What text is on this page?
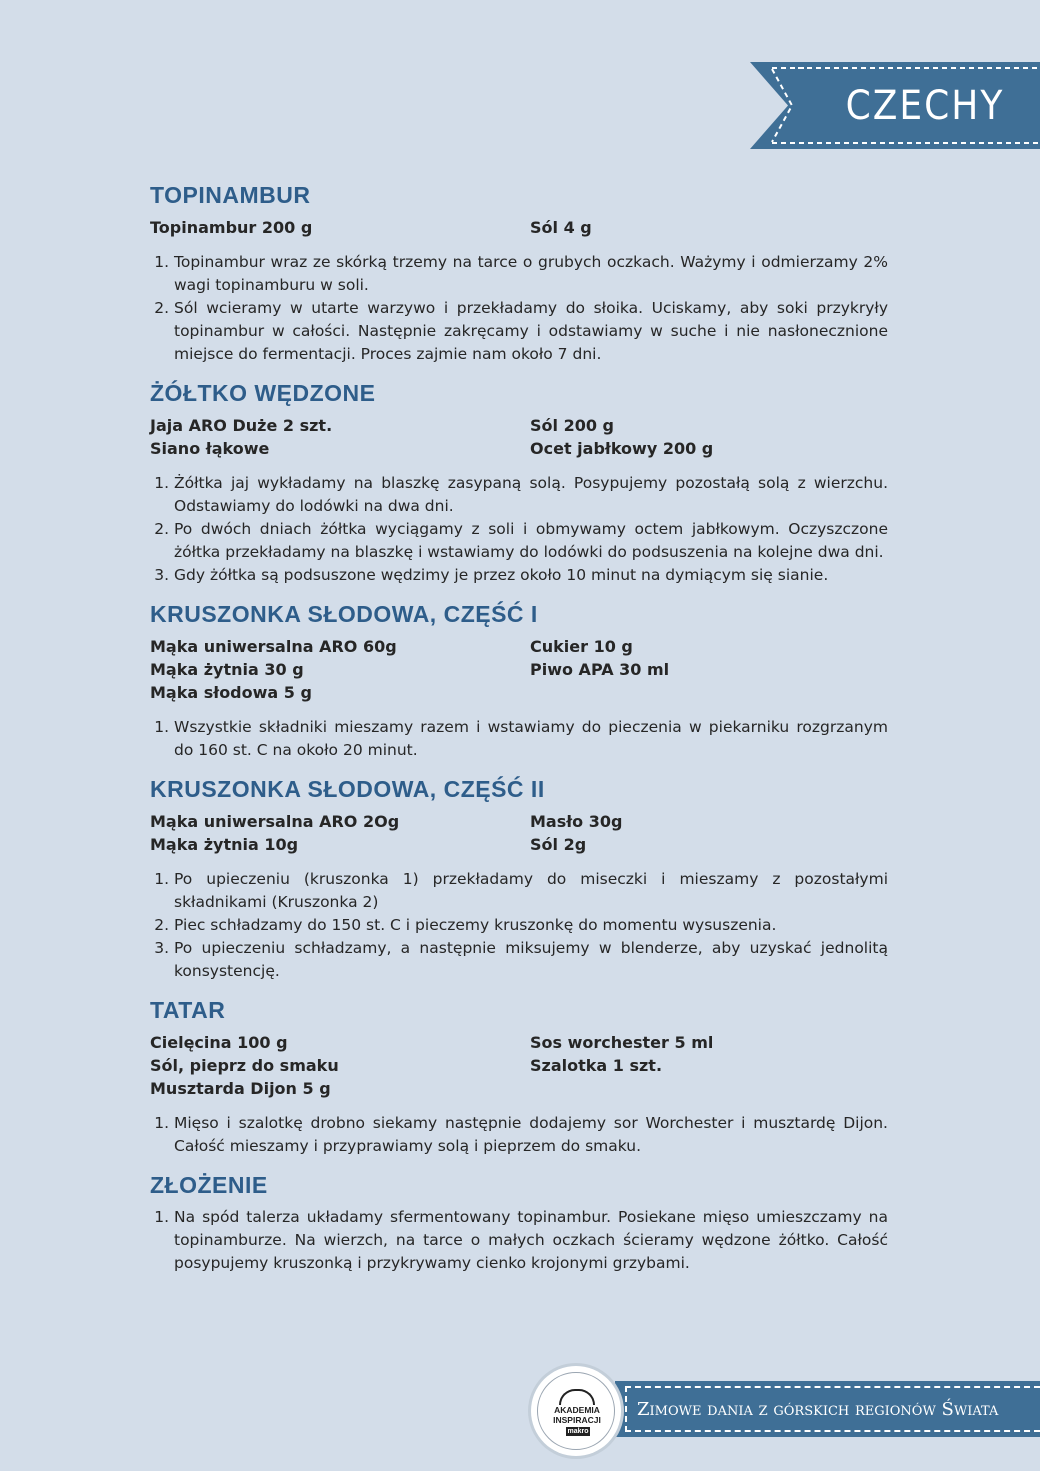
CZECHY
TOPINAMBUR
Topinambur 200 g	Sól 4 g
1. Topinambur wraz ze skórką trzemy na tarce o grubych oczkach. Ważymy i odmierzamy 2% wagi topinamburu w soli.
2. Sól wcieramy w utarte warzywo i przekładamy do słoika. Uciskamy, aby soki przykryły topinambur w całości. Następnie zakręcamy i odstawiamy w suche i nie nasłonecznione miejsce do fermentacji. Proces zajmie nam około 7 dni.
ŻÓŁTKO WĘDZONE
Jaja ARO Duże 2 szt.	Sól 200 g
Siano łąkowe	Ocet jabłkowy 200 g
1. Żółtka jaj wykładamy na blaszkę zasypaną solą. Posypujemy pozostałą solą z wierzchu. Odstawiamy do lodówki na dwa dni.
2. Po dwóch dniach żółtka wyciągamy z soli i obmywamy octem jabłkowym. Oczyszczone żółtka przekładamy na blaszkę i wstawiamy do lodówki do podsuszenia na kolejne dwa dni.
3. Gdy żółtka są podsuszone wędzimy je przez około 10 minut na dymiącym się sianie.
KRUSZONKA SŁODOWA, CZĘŚĆ I
Mąka uniwersalna ARO 60g	Cukier 10 g
Mąka żytnia 30 g	Piwo APA 30 ml
Mąka słodowa 5 g
1. Wszystkie składniki mieszamy razem i wstawiamy do pieczenia w piekarniku rozgrzanym do 160 st. C na około 20 minut.
KRUSZONKA SŁODOWA, CZĘŚĆ II
Mąka uniwersalna ARO 2Og	Masło 30g
Mąka żytnia 10g	Sól 2g
1. Po upieczeniu (kruszonka 1) przekładamy do miseczki i mieszamy z pozostałymi składnikami (Kruszonka 2)
2. Piec schładzamy do 150 st. C i pieczemy kruszonkę do momentu wysuszenia.
3. Po upieczeniu schładzamy, a następnie miksujemy w blenderze, aby uzyskać jednolitą konsystencję.
TATAR
Cielęcina 100 g	Sos worchester 5 ml
Sól, pieprz do smaku	Szalotka 1 szt.
Musztarda Dijon 5 g
1. Mięso i szalotkę drobno siekamy następnie dodajemy sor Worchester i musztardę Dijon. Całość mieszamy i przyprawiamy solą i pieprzem do smaku.
ZŁOŻENIE
1. Na spód talerza układamy sfermentowany topinambur. Posiekane mięso umieszczamy na topinamburze. Na wierzch, na tarce o małych oczkach ścieramy wędzone żółtko. Całość posypujemy kruszonką i przykrywamy cienko krojonymi grzybami.
Zimowe dania z górskich regionów Świata
AKADEMIA
INSPIRACJI
makro
